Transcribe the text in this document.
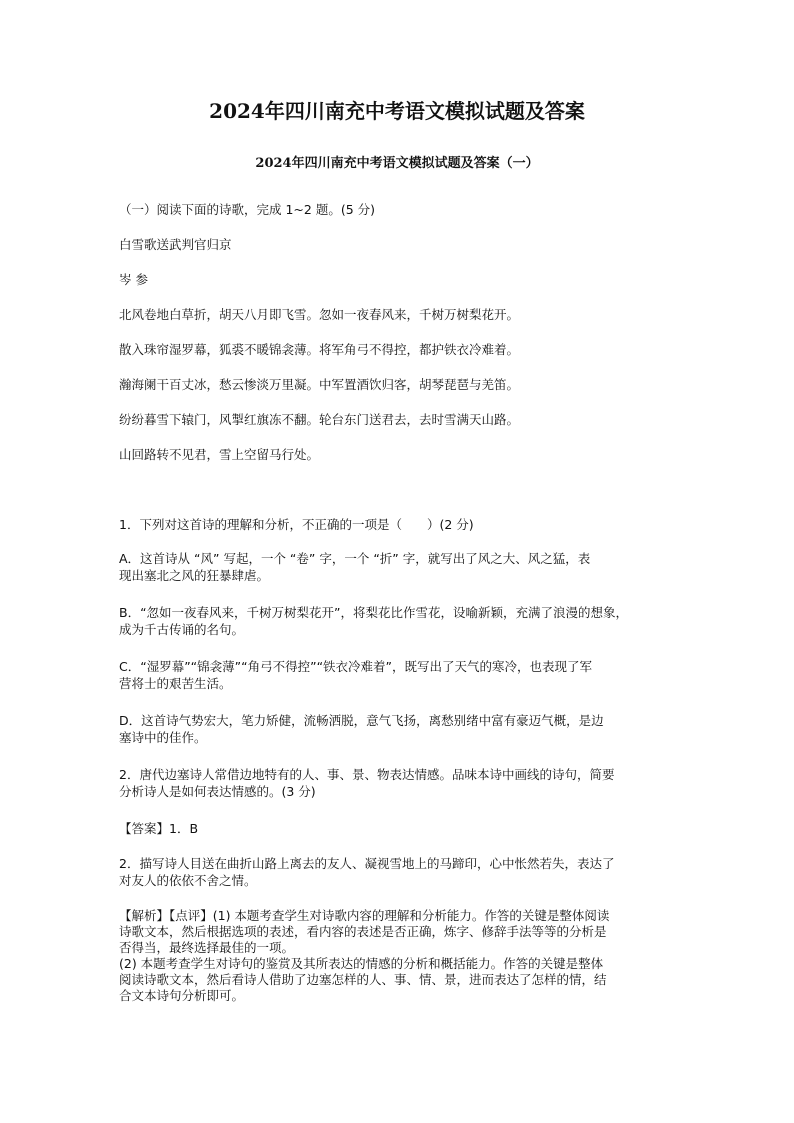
2024年四川南充中考语文模拟试题及答案
2024年四川南充中考语文模拟试题及答案（一）
（一）阅读下面的诗歌，完成 1~2 题。(5 分)
白雪歌送武判官归京
岑 参
北风卷地白草折，胡天八月即飞雪。忽如一夜春风来，千树万树梨花开。
散入珠帘湿罗幕，狐裘不暖锦衾薄。将军角弓不得控，都护铁衣冷难着。
瀚海阑干百丈冰，愁云惨淡万里凝。中军置酒饮归客，胡琴琵琶与羌笛。
纷纷暮雪下辕门，风掣红旗冻不翻。轮台东门送君去，去时雪满天山路。
山回路转不见君，雪上空留马行处。
1．下列对这首诗的理解和分析，不正确的一项是（　　）(2 分)
A．这首诗从 “风” 写起，一个 “卷” 字，一个 “折” 字，就写出了风之大、风之猛，表
现出塞北之风的狂暴肆虐。
B．“忽如一夜春风来，千树万树梨花开”，将梨花比作雪花，设喻新颖，充满了浪漫的想象，
成为千古传诵的名句。
C．“湿罗幕”“锦衾薄”“角弓不得控”“铁衣冷难着”，既写出了天气的寒冷，也表现了军
营将士的艰苦生活。
D．这首诗气势宏大，笔力矫健，流畅洒脱，意气飞扬，离愁别绪中富有豪迈气概，是边
塞诗中的佳作。
2．唐代边塞诗人常借边地特有的人、事、景、物表达情感。品味本诗中画线的诗句，简要
分析诗人是如何表达情感的。(3 分)
【答案】1．B
2．描写诗人目送在曲折山路上离去的友人、凝视雪地上的马蹄印，心中怅然若失，表达了
对友人的依依不舍之情。
【解析】【点评】(1) 本题考查学生对诗歌内容的理解和分析能力。作答的关键是整体阅读
诗歌文本，然后根据选项的表述，看内容的表述是否正确，炼字、修辞手法等等的分析是
否得当，最终选择最佳的一项。
(2) 本题考查学生对诗句的鉴赏及其所表达的情感的分析和概括能力。作答的关键是整体
阅读诗歌文本，然后看诗人借助了边塞怎样的人、事、情、景，进而表达了怎样的情，结
合文本诗句分析即可。
